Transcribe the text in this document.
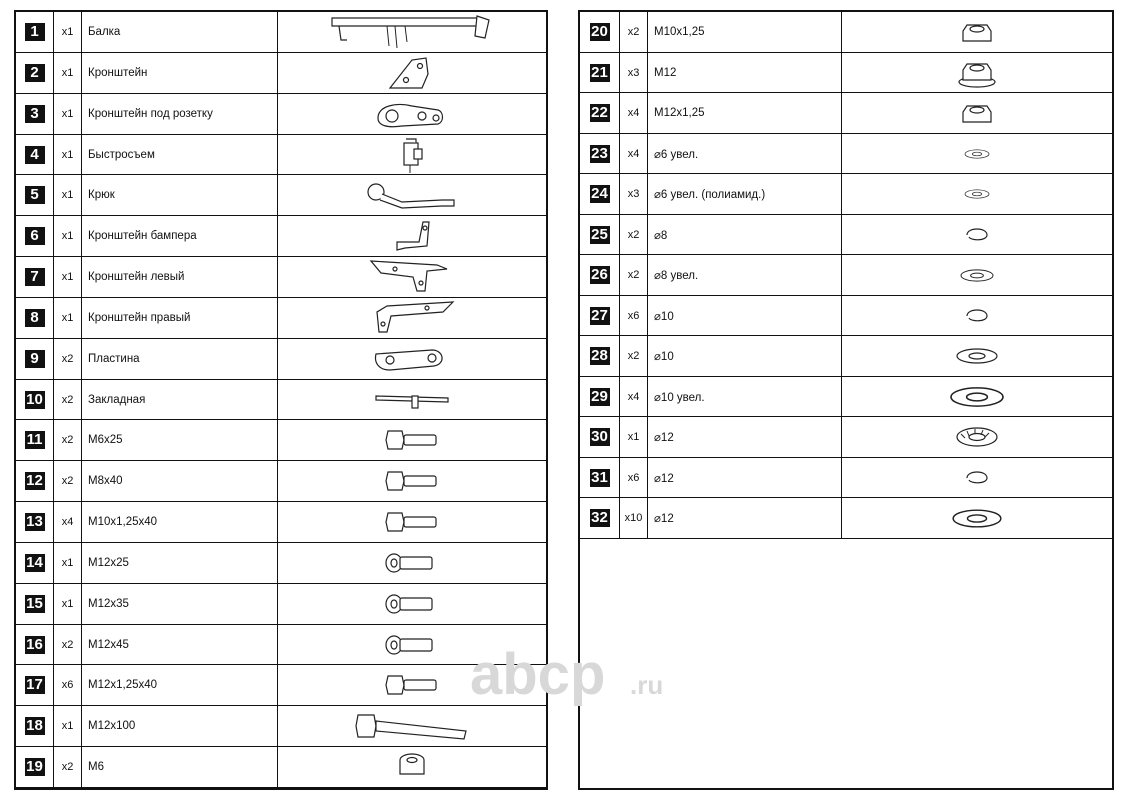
1	x1	Балка
2	x1	Кронштейн
3	x1	Кронштейн под розетку
4	x1	Быстросъем
5	x1	Крюк
6	x1	Кронштейн бампера
7	x1	Кронштейн левый
8	x1	Кронштейн правый
9	x2	Пластина
10	x2	Закладная
11	x2	M6x25
12	x2	M8x40
13	x4	M10x1,25x40
14	x1	M12x25
15	x1	M12x35
16	x2	M12x45
17	x6	M12x1,25x40
18	x1	M12x100
19	x2	M6
20	x2	M10x1,25
21	x3	M12
22	x4	M12x1,25
23	x4	⌀6 увел.
24	x3	⌀6 увел. (полиамид.)
25	x2	⌀8
26	x2	⌀8 увел.
27	x6	⌀10
28	x2	⌀10
29	x4	⌀10 увел.
30	x1	⌀12
31	x6	⌀12
32	x10	⌀12
abcp .ru
